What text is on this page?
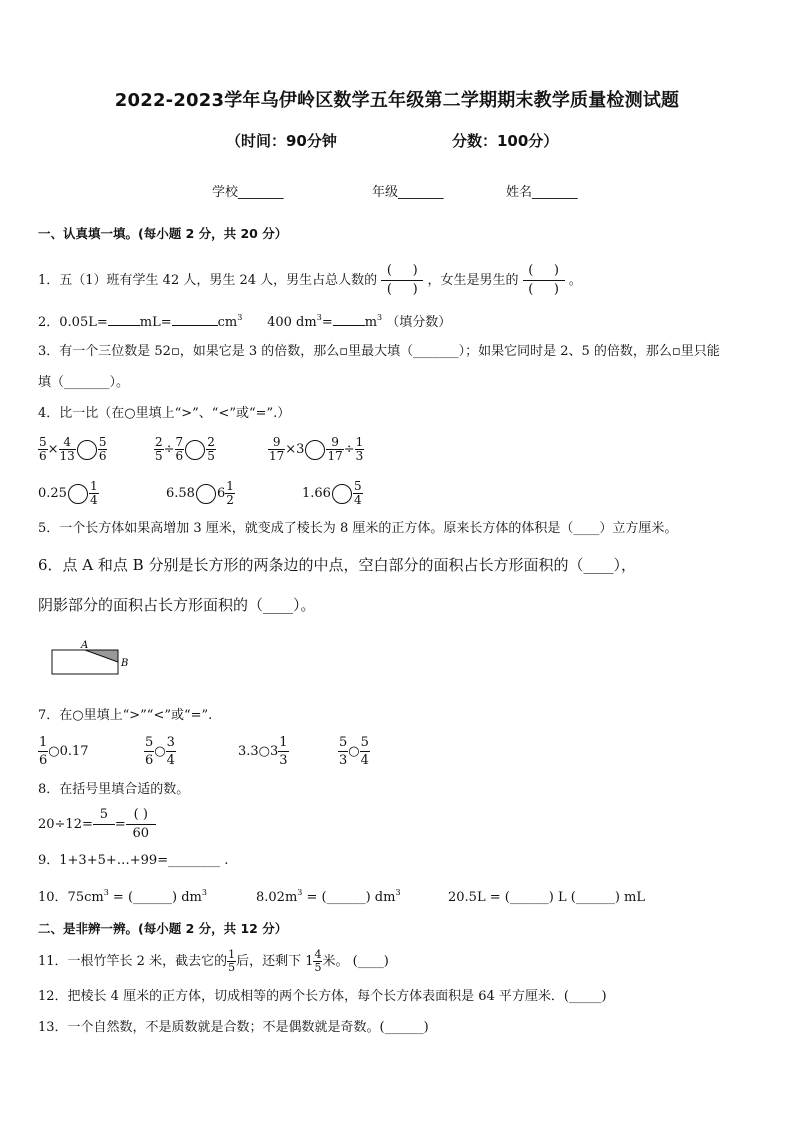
2022-2023学年乌伊岭区数学五年级第二学期期末教学质量检测试题
（时间：90分钟	分数：100分）
学校_______	年级_______	姓名_______
一、认真填一填。(每小题 2 分，共 20 分）
1．五（1）班有学生 42 人，男生 24 人，男生占总人数的
(     )
(     ) ，女生是男生的
(     )
(     ) 。
2．0.05L= mL=	$cm^3$ 400 $dm^3= m^3$ （填分数）
3．有一个三位数是 52▫，如果它是 3 的倍数，那么▫里最大填（_______）；如果它同时是 2、5 的倍数，那么▫里只能
填（_______）。
4．比一比（在○里填上“>”、“<”或“=”.）
$\frac{5}{6} \times \frac{4}{13} \frac{5}{6}$	$\frac{2}{5} \div \frac{7}{6} \frac{2}{5}$	$\frac{9}{17} \times 3 \frac{9}{17} \div \frac{1}{3}$
$0.25 \frac{1}{4}$	6.58 $6 \frac{1}{2}$	$1.66 \frac{5}{4}$
5．一个长方体如果高增加 3 厘米，就变成了棱长为 8 厘米的正方体。原来长方体的体积是（____）立方厘米。
6．点 A 和点 B 分别是长方形的两条边的中点，空白部分的面积占长方形面积的（____），
阴影部分的面积占长方形面积的（____）。
A
B
7．在○里填上“>”“<”或“=”.
$\frac{1}{6}$ ○0.17	$\frac{5}{6}$ ○ $\frac{3}{4}$	3.3○3 $\frac{1}{3}$	$\frac{5}{3}$ ○ $\frac{5}{4}$
8．在括号里填合适的数。
20÷12=
5

= $\frac{( )}{60}$
9．1+3+5+…+99=________ .
10．$75cm^3$ = (______) $dm^3$	$8.02m^3$ = (______) $dm^3$	20.5L = (______) L (______) mL
二、是非辨一辨。(每小题 2 分，共 12 分）
11．一根竹竿长 2 米，截去它的 $\frac{1}{5}$ 后，还剩下 $1 \frac{4}{5}$ 米。 (____)
12．把棱长 4 厘米的正方体，切成相等的两个长方体，每个长方体表面积是 64 平方厘米．(_____)
13．一个自然数，不是质数就是合数；不是偶数就是奇数。(______)
